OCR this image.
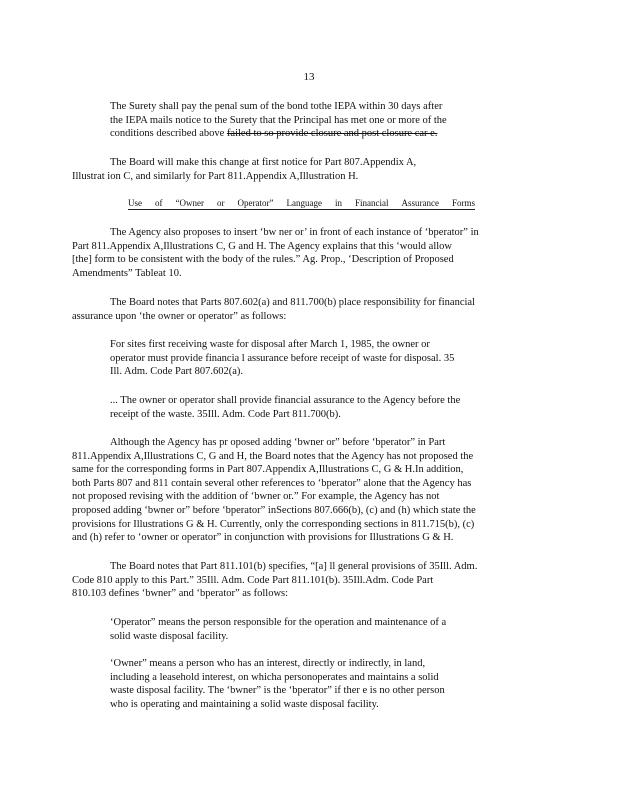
13
The Surety shall pay the penal sum of the bond tothe IEPA within 30 days after
the IEPA mails notice to the Surety that the Principal has met one or more of the
conditions described above failed to so provide closure and post closure car e.
The Board will make this change at first notice for Part 807.Appendix A,
Illustrat ion C, and similarly for Part 811.Appendix A,Illustration H.
Use of “Owner or Operator” Language in Financial Assurance Forms
The Agency also proposes to insert ‘bw ner or’ in front of each instance of ‘bperator” in
Part 811.Appendix A,Illustrations C, G and H. The Agency explains that this ‘would allow
[the] form to be consistent with the body of the rules.” Ag. Prop., ‘Description of Proposed
Amendments” Tableat 10.
The Board notes that Parts 807.602(a) and 811.700(b) place responsibility for financial
assurance upon ‘the owner or operator” as follows:
For sites first receiving waste for disposal after March 1, 1985, the owner or
operator must provide financia l assurance before receipt of waste for disposal. 35
Ill. Adm. Code Part 807.602(a).
... The owner or operator shall provide financial assurance to the Agency before the
receipt of the waste. 35Ill. Adm. Code Part 811.700(b).
Although the Agency has pr oposed adding ‘bwner or” before ‘bperator” in Part
811.Appendix A,Illustrations C, G and H, the Board notes that the Agency has not proposed the
same for the corresponding forms in Part 807.Appendix A,Illustrations C, G & H.In addition,
both Parts 807 and 811 contain several other references to ‘bperator” alone that the Agency has
not proposed revising with the addition of ‘bwner or.” For example, the Agency has not
proposed adding ‘bwner or” before ‘bperator” inSections 807.666(b), (c) and (h) which state the
provisions for Illustrations G & H. Currently, only the corresponding sections in 811.715(b), (c)
and (h) refer to ‘owner or operator” in conjunction with provisions for Illustrations G & H.
The Board notes that Part 811.101(b) specifies, “[a] ll general provisions of 35Ill. Adm.
Code 810 apply to this Part.” 35Ill. Adm. Code Part 811.101(b). 35Ill.Adm. Code Part
810.103 defines ‘bwner” and ‘bperator” as follows:
‘Operator” means the person responsible for the operation and maintenance of a
solid waste disposal facility.
‘Owner” means a person who has an interest, directly or indirectly, in land,
including a leasehold interest, on whicha personoperates and maintains a solid
waste disposal facility. The ‘bwner” is the ‘bperator” if ther e is no other person
who is operating and maintaining a solid waste disposal facility.
